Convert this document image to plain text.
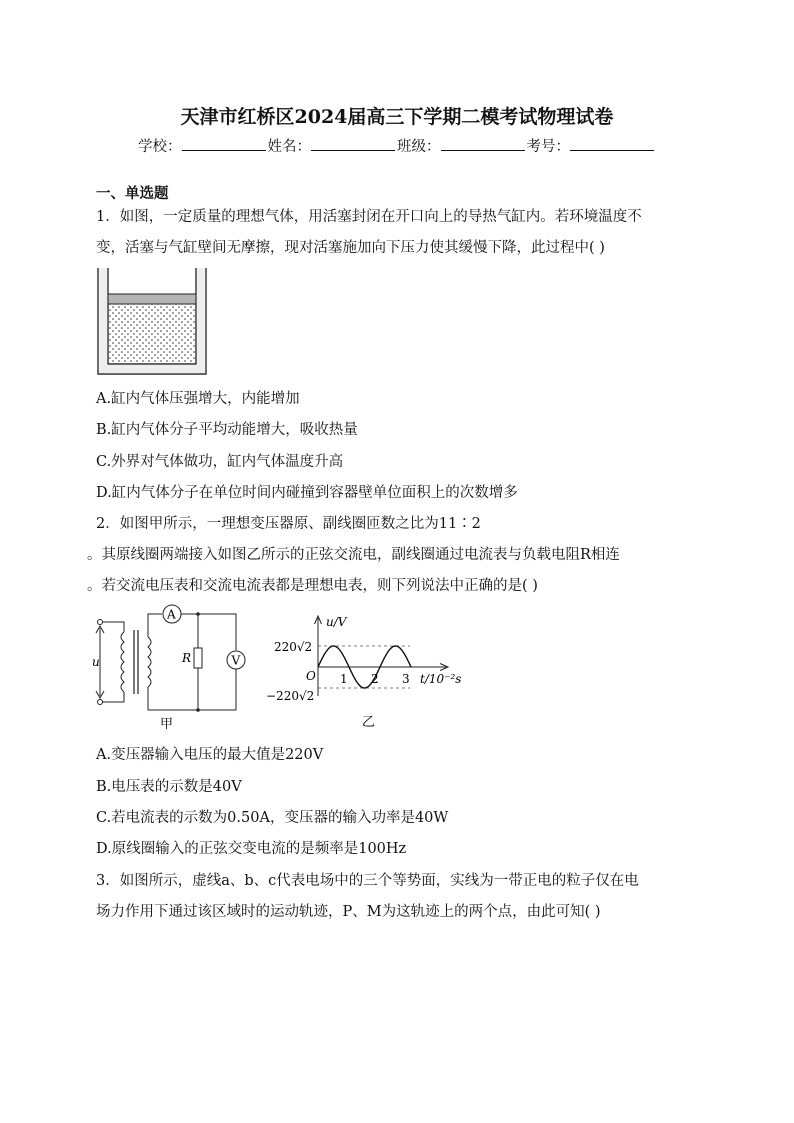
天津市红桥区2024届高三下学期二模考试物理试卷
学校：	姓名：	班级：	考号：
一、单选题
1．如图，一定质量的理想气体，用活塞封闭在开口向上的导热气缸内。若环境温度不
变，活塞与气缸壁间无摩擦，现对活塞施加向下压力使其缓慢下降，此过程中( )
A.缸内气体压强增大，内能增加
B.缸内气体分子平均动能增大，吸收热量
C.外界对气体做功，缸内气体温度升高
D.缸内气体分子在单位时间内碰撞到容器壁单位面积上的次数增多
2．如图甲所示，一理想变压器原、副线圈匝数之比为11∶2
。其原线圈两端接入如图乙所示的正弦交流电，副线圈通过电流表与负载电阻R相连
。若交流电压表和交流电流表都是理想电表，则下列说法中正确的是( )
u
A
V
R
甲
u/V
220√2
−220√2
O 1 2 3 t/10⁻²s
乙
A.变压器输入电压的最大值是220V
B.电压表的示数是40V
C.若电流表的示数为0.50A，变压器的输入功率是40W
D.原线圈输入的正弦交变电流的是频率是100Hz
3．如图所示，虚线a、b、c代表电场中的三个等势面，实线为一带正电的粒子仅在电
场力作用下通过该区域时的运动轨迹，P、M为这轨迹上的两个点，由此可知( )
